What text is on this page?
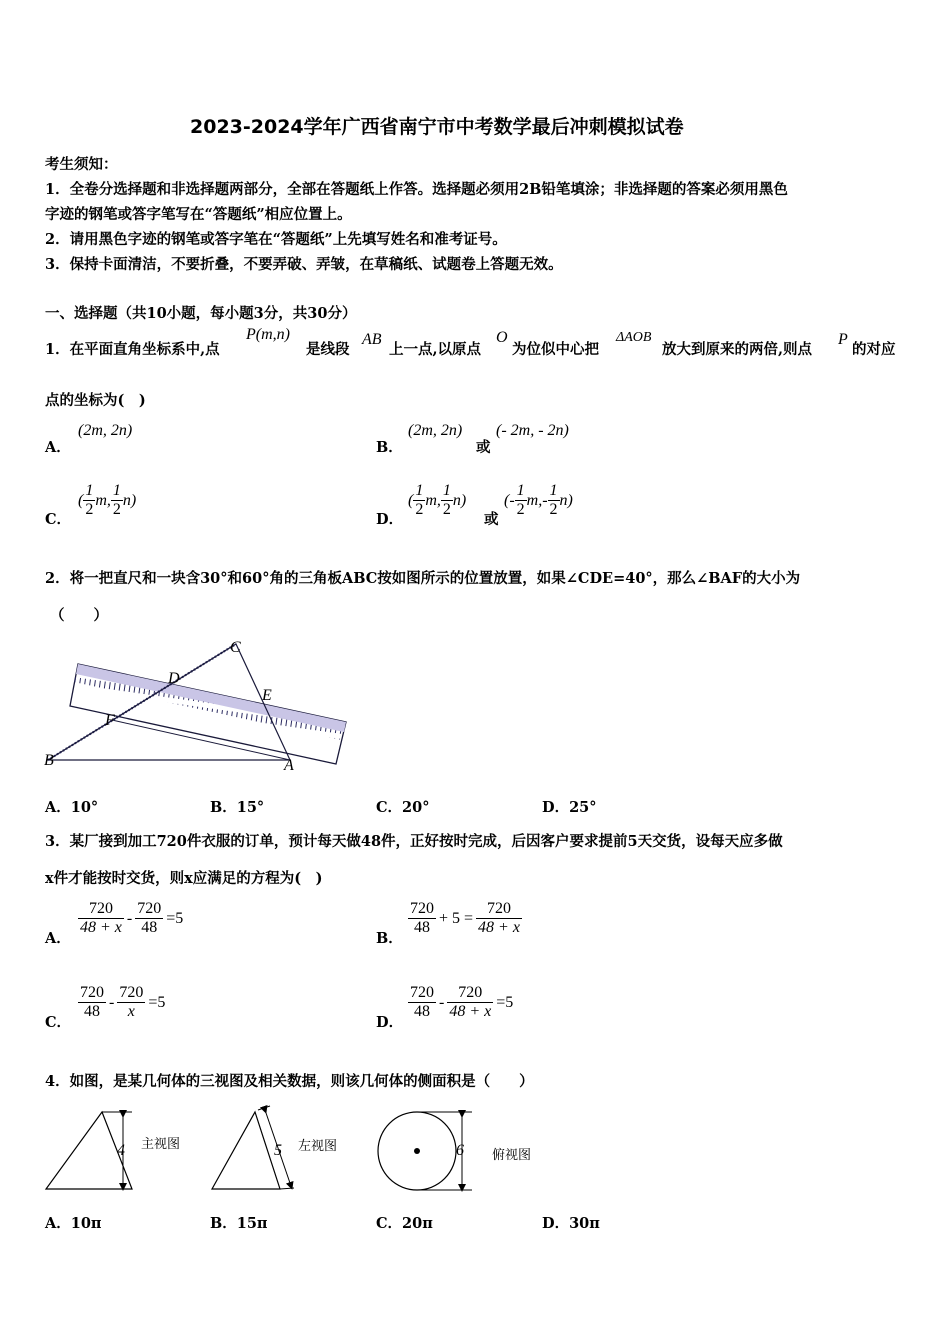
2023-2024学年广西省南宁市中考数学最后冲刺模拟试卷
考生须知：
1．全卷分选择题和非选择题两部分，全部在答题纸上作答。选择题必须用2B铅笔填涂；非选择题的答案必须用黑色
字迹的钢笔或答字笔写在“答题纸”相应位置上。
2．请用黑色字迹的钢笔或答字笔在“答题纸”上先填写姓名和准考证号。
3．保持卡面清洁，不要折叠，不要弄破、弄皱，在草稿纸、试题卷上答题无效。
一、选择题（共10小题，每小题3分，共30分）
1．在平面直角坐标系中,点
P(m,n)
是线段
AB
上一点,以原点
O
为位似中心把
ΔAOB
放大到原来的两倍,则点
P
的对应
点的坐标为(　)
A．
(2m, 2n)
B．
(2m, 2n)
或
(- 2m, - 2n)
C．
( $\frac{1}{2} m$, $\frac{1}{2} n$)
D．
( $\frac{1}{2} m$, $\frac{1}{2} n$)
或
(- $\frac{1}{2} m,- \frac{1}{2} n$)
2．将一把直尺和一块含30°和60°角的三角板ABC按如图所示的位置放置，如果∠CDE=40°，那么∠BAF的大小为
（　　）
C
D
E
F
B	A
A．10°	B．15°	C．20°	D．25°
3．某厂接到加工720件衣服的订单，预计每天做48件，正好按时完成，后因客户要求提前5天交货，设每天应多做
x件才能按时交货，则x应满足的方程为(　)
A．
$\frac{720}{48 + x} - \frac{720}{48} =5$
B．
$\frac{720}{48} + 5 = \frac{720}{48 + x}$
C．
$\frac{720}{48} - \frac{720}{x} =5$
D．
$\frac{720}{48} - \frac{720}{48 + x} =5$
4．如图，是某几何体的三视图及相关数据，则该几何体的侧面积是（　　）
4 主视图	5 左视图	6 俯视图
A．10π	B．15π	C．20π	D．30π
